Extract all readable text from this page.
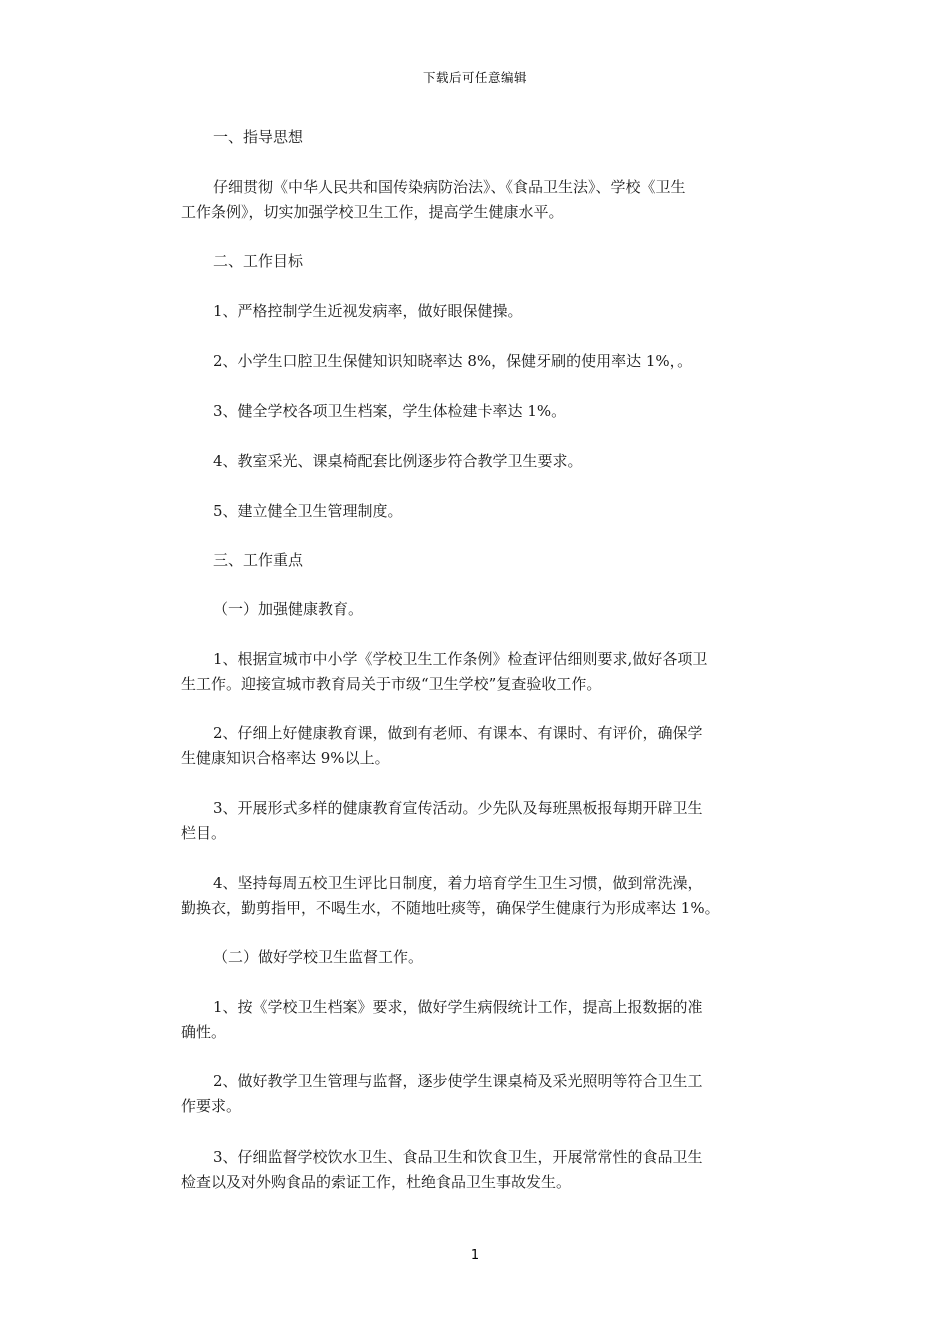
下载后可任意编辑

一、指导思想

仔细贯彻《中华人民共和国传染病防治法》、《食品卫生法》、学校《卫生
工作条例》，切实加强学校卫生工作，提高学生健康水平。

二、工作目标

1、严格控制学生近视发病率，做好眼保健操。

2、小学生口腔卫生保健知识知晓率达 8%，保健牙刷的使用率达 1%，。

3、健全学校各项卫生档案，学生体检建卡率达 1%。

4、教室采光、课桌椅配套比例逐步符合教学卫生要求。

5、建立健全卫生管理制度。

三、工作重点

（一）加强健康教育。

1、根据宣城市中小学《学校卫生工作条例》检查评估细则要求,做好各项卫
生工作。迎接宣城市教育局关于市级“卫生学校”复查验收工作。

2、仔细上好健康教育课，做到有老师、有课本、有课时、有评价，确保学
生健康知识合格率达 9%以上。

3、开展形式多样的健康教育宣传活动。少先队及每班黑板报每期开辟卫生
栏目。

4、坚持每周五校卫生评比日制度，着力培育学生卫生习惯，做到常洗澡，
勤换衣，勤剪指甲，不喝生水，不随地吐痰等，确保学生健康行为形成率达 1%。

（二）做好学校卫生监督工作。

1、按《学校卫生档案》要求，做好学生病假统计工作，提高上报数据的准
确性。

2、做好教学卫生管理与监督，逐步使学生课桌椅及采光照明等符合卫生工
作要求。

3、仔细监督学校饮水卫生、食品卫生和饮食卫生，开展常常性的食品卫生
检查以及对外购食品的索证工作，杜绝食品卫生事故发生。

1
